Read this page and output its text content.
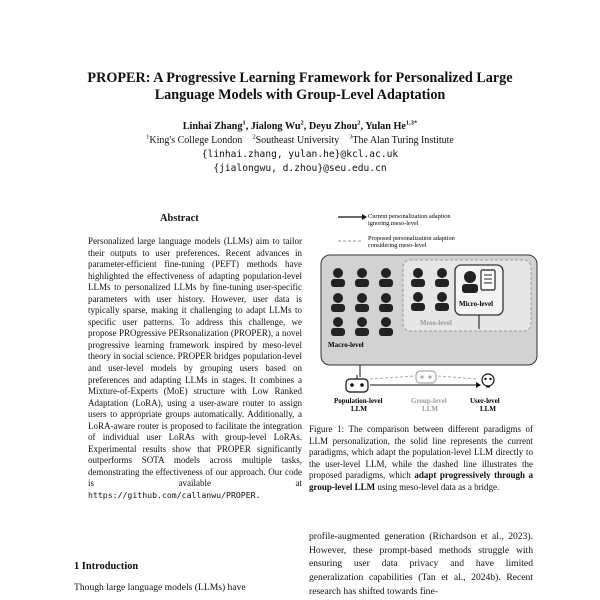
PROPER: A Progressive Learning Framework for Personalized Large
Language Models with Group-Level Adaptation
Linhai Zhang$^1$, Jialong Wu$^2$, Deyu Zhou$^2$, Yulan $He^{1,3*}$
$^1$King's College London $^2$Southeast University $^3$The Alan Turing Institute
{linhai.zhang, yulan.he}@kcl.ac.uk
{jialongwu, d.zhou}@seu.edu.cn
Abstract
Personalized large language models (LLMs) aim to tailor their outputs to user preferences. Recent advances in parameter-efficient fine-tuning (PEFT) methods have highlighted the effectiveness of adapting population-level LLMs to personalized LLMs by fine-tuning user-specific parameters with user history. However, user data is typically sparse, making it challenging to adapt LLMs to specific user patterns. To address this challenge, we propose PROgressive PERsonalization (PROPER), a novel progressive learning framework inspired by meso-level theory in social science. PROPER bridges population-level and user-level models by grouping users based on preferences and adapting LLMs in stages. It combines a Mixture-of-Experts (MoE) structure with Low Ranked Adaptation (LoRA), using a user-aware router to assign users to appropriate groups automatically. Additionally, a LoRA-aware router is proposed to facilitate the integration of individual user LoRAs with group-level LoRAs. Experimental results show that PROPER significantly outperforms SOTA models across multiple tasks, demonstrating the effectiveness of our approach. Our code is available at https://github.com/callanwu/PROPER.
1 Introduction
Though large language models (LLMs) have
Current personalization adaption
ignoring meso-level
Proposed personalization adaption
considering meso-level
Micro-level
Meso-level
Macro-level
Population-level
LLM
Group-level
LLM
User-level
LLM
Figure 1: The comparison between different paradigms of LLM personalization, the solid line represents the current paradigms, which adapt the population-level LLM directly to the user-level LLM, while the dashed line illustrates the proposed paradigms, which adapt progressively through a group-level LLM using meso-level data as a bridge.
profile-augmented generation (Richardson et al., 2023). However, these prompt-based methods struggle with ensuring user data privacy and have limited generalization capabilities (Tan et al., 2024b). Recent research has shifted towards fine-
